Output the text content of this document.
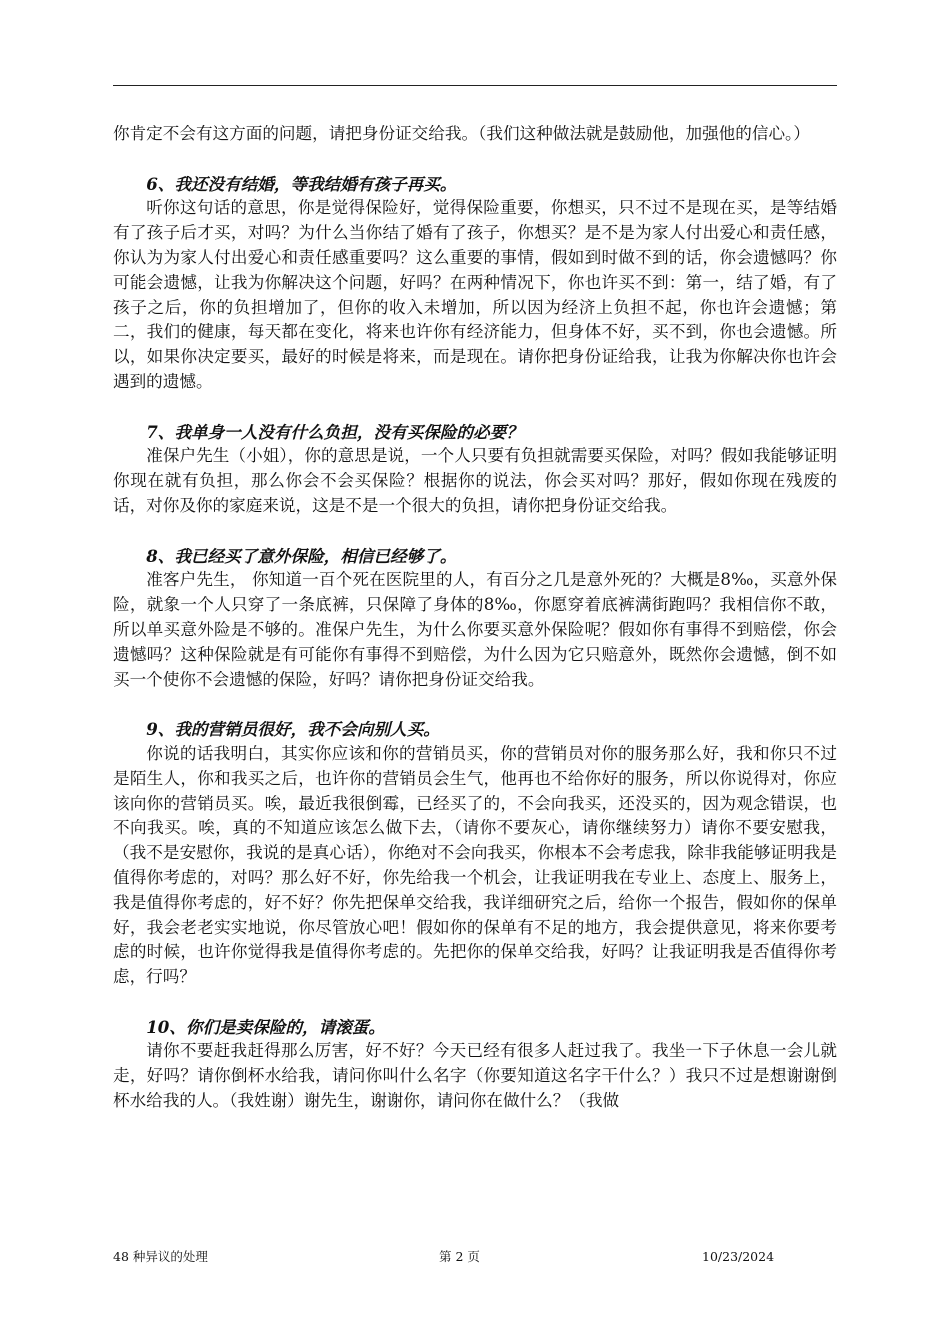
你肯定不会有这方面的问题，请把身份证交给我。（我们这种做法就是鼓励他，加强他的信心。）

6、我还没有结婚，等我结婚有孩子再买。

听你这句话的意思，你是觉得保险好，觉得保险重要，你想买，只不过不是现在买，是等结婚有了孩子后才买，对吗？为什么当你结了婚有了孩子，你想买？是不是为家人付出爱心和责任感，你认为为家人付出爱心和责任感重要吗？这么重要的事情，假如到时做不到的话，你会遗憾吗？你可能会遗憾，让我为你解决这个问题，好吗？在两种情况下，你也许买不到：第一，结了婚，有了孩子之后，你的负担增加了，但你的收入未增加，所以因为经济上负担不起，你也许会遗憾；第二，我们的健康，每天都在变化，将来也许你有经济能力，但身体不好，买不到，你也会遗憾。所以，如果你决定要买，最好的时候是将来，而是现在。请你把身份证给我，让我为你解决你也许会遇到的遗憾。

7、我单身一人没有什么负担，没有买保险的必要？

准保户先生（小姐），你的意思是说，一个人只要有负担就需要买保险，对吗？假如我能够证明你现在就有负担，那么你会不会买保险？根据你的说法，你会买对吗？那好，假如你现在残废的话，对你及你的家庭来说，这是不是一个很大的负担，请你把身份证交给我。

8、我已经买了意外保险，相信已经够了。

准客户先生， 你知道一百个死在医院里的人，有百分之几是意外死的？大概是8‰，买意外保险，就象一个人只穿了一条底裤，只保障了身体的8‰，你愿穿着底裤满街跑吗？我相信你不敢，所以单买意外险是不够的。准保户先生，为什么你要买意外保险呢？假如你有事得不到赔偿，你会遗憾吗？这种保险就是有可能你有事得不到赔偿，为什么因为它只赔意外，既然你会遗憾，倒不如买一个使你不会遗憾的保险，好吗？请你把身份证交给我。

9、我的营销员很好，我不会向别人买。

你说的话我明白，其实你应该和你的营销员买，你的营销员对你的服务那么好，我和你只不过是陌生人，你和我买之后，也许你的营销员会生气，他再也不给你好的服务，所以你说得对，你应该向你的营销员买。唉，最近我很倒霉，已经买了的，不会向我买，还没买的，因为观念错误，也不向我买。唉，真的不知道应该怎么做下去，（请你不要灰心，请你继续努力）请你不要安慰我，（我不是安慰你，我说的是真心话），你绝对不会向我买，你根本不会考虑我，除非我能够证明我是值得你考虑的，对吗？那么好不好，你先给我一个机会，让我证明我在专业上、态度上、服务上，我是值得你考虑的，好不好？你先把保单交给我，我详细研究之后，给你一个报告，假如你的保单好，我会老老实实地说，你尽管放心吧！假如你的保单有不足的地方，我会提供意见，将来你要考虑的时候，也许你觉得我是值得你考虑的。先把你的保单交给我，好吗？让我证明我是否值得你考虑，行吗？

10、你们是卖保险的，请滚蛋。

请你不要赶我赶得那么厉害，好不好？今天已经有很多人赶过我了。我坐一下子休息一会儿就走，好吗？请你倒杯水给我，请问你叫什么名字（你要知道这名字干什么？）我只不过是想谢谢倒杯水给我的人。（我姓谢）谢先生，谢谢你，请问你在做什么？（我做

48 种异议的处理	第 2 页	10/23/2024
